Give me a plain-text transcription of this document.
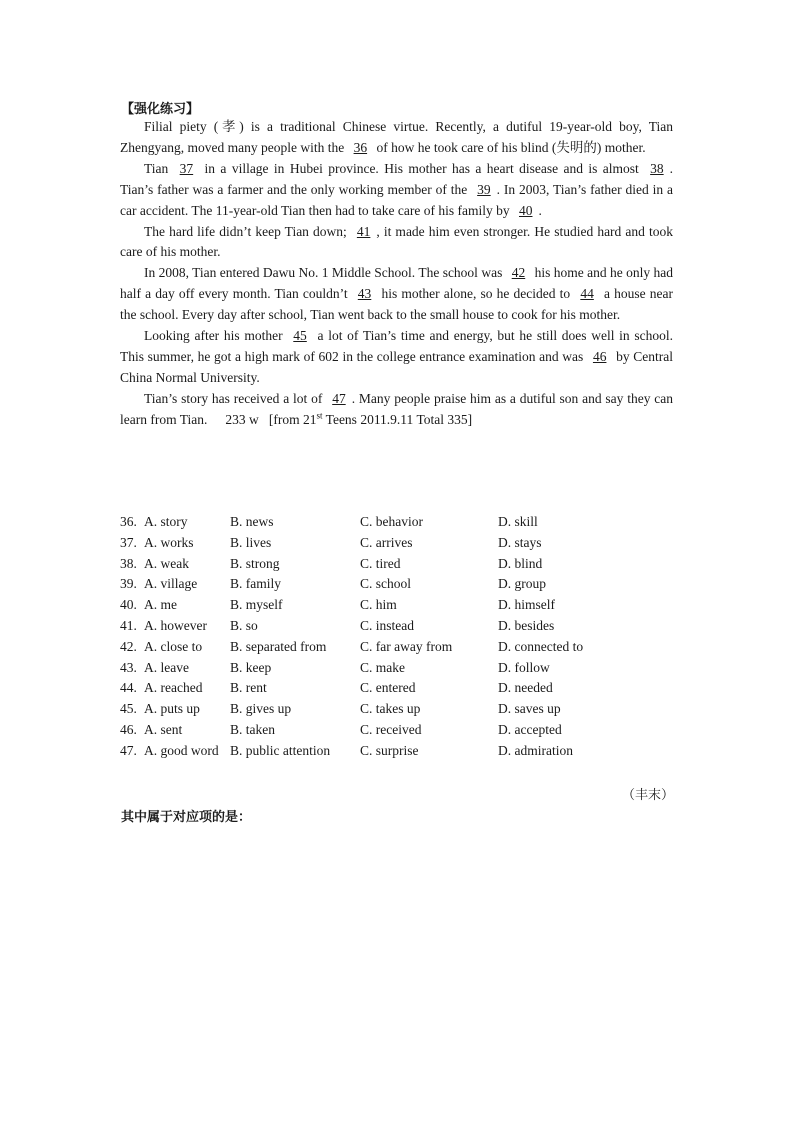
【强化练习】

Filial piety (孝) is a traditional Chinese virtue. Recently, a dutiful 19-year-old boy, Tian Zhengyang, moved many people with the 36 of how he took care of his blind (失明的) mother.

Tian 37 in a village in Hubei province. His mother has a heart disease and is almost 38 . Tian’s father was a farmer and the only working member of the 39 . In 2003, Tian’s father died in a car accident. The 11-year-old Tian then had to take care of his family by 40 .

The hard life didn’t keep Tian down; 41 , it made him even stronger. He studied hard and took care of his mother.

In 2008, Tian entered Dawu No. 1 Middle School. The school was 42 his home and he only had half a day off every month. Tian couldn’t 43 his mother alone, so he decided to 44 a house near the school. Every day after school, Tian went back to the small house to cook for his mother.

Looking after his mother 45 a lot of Tian’s time and energy, but he still does well in school. This summer, he got a high mark of 602 in the college entrance examination and was 46 by Central China Normal University.

Tian’s story has received a lot of 47 . Many people praise him as a dutiful son and say they can learn from Tian. 233 w [from 21st Teens 2011.9.11 Total 335]

36. A. story	B. news	C. behavior	D. skill
37. A. works	B. lives	C. arrives	D. stays
38. A. weak	B. strong	C. tired	D. blind
39. A. village B. family	C. school	D. group
40. A. me	B. myself	C. him	D. himself
41. A. however B. so	C. instead	D. besides
42. A. close to B. separated from C. far away from	D. connected to
43. A. leave	B. keep	C. make	D. follow
44. A. reached B. rent	C. entered	D. needed
45. A. puts up B. gives up	C. takes up	D. saves up
46. A. sent	B. taken	C. received	D. accepted
47. A. good word B. public attention C. surprise	D. admiration
（丰末）
其中属于对应项的是：
